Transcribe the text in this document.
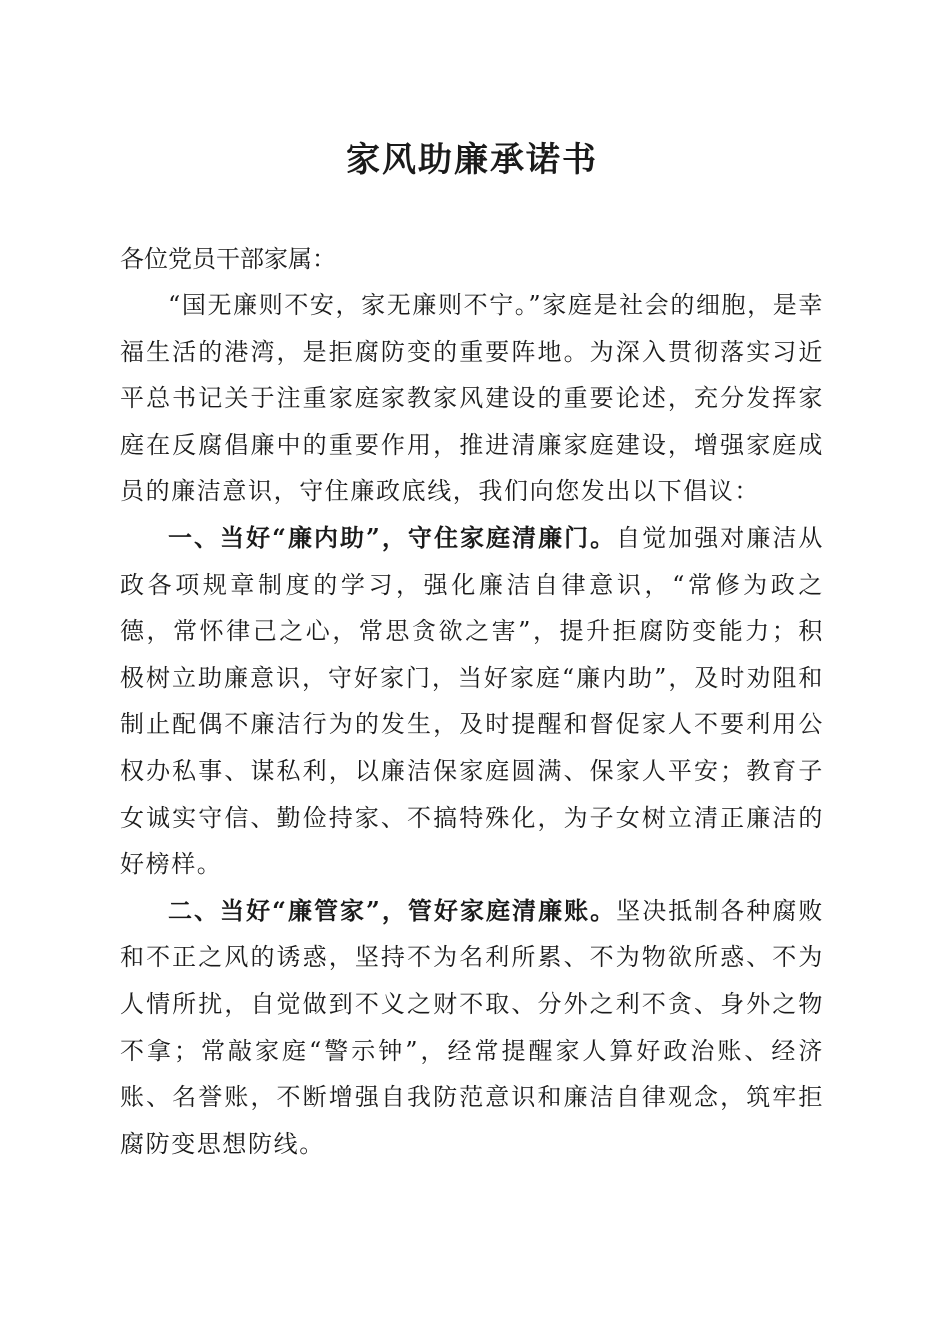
家风助廉承诺书

各位党员干部家属：

“国无廉则不安，家无廉则不宁。”家庭是社会的细胞，是幸福生活的港湾，是拒腐防变的重要阵地。为深入贯彻落实习近平总书记关于注重家庭家教家风建设的重要论述，充分发挥家庭在反腐倡廉中的重要作用，推进清廉家庭建设，增强家庭成员的廉洁意识，守住廉政底线，我们向您发出以下倡议：

一、当好“廉内助”，守住家庭清廉门。自觉加强对廉洁从政各项规章制度的学习，强化廉洁自律意识，“常修为政之德，常怀律己之心，常思贪欲之害”，提升拒腐防变能力；积极树立助廉意识，守好家门，当好家庭“廉内助”，及时劝阻和制止配偶不廉洁行为的发生，及时提醒和督促家人不要利用公权办私事、谋私利，以廉洁保家庭圆满、保家人平安；教育子女诚实守信、勤俭持家、不搞特殊化，为子女树立清正廉洁的好榜样。

二、当好“廉管家”，管好家庭清廉账。坚决抵制各种腐败和不正之风的诱惑，坚持不为名利所累、不为物欲所惑、不为人情所扰，自觉做到不义之财不取、分外之利不贪、身外之物不拿；常敲家庭“警示钟”，经常提醒家人算好政治账、经济账、名誉账，不断增强自我防范意识和廉洁自律观念，筑牢拒腐防变思想防线。
